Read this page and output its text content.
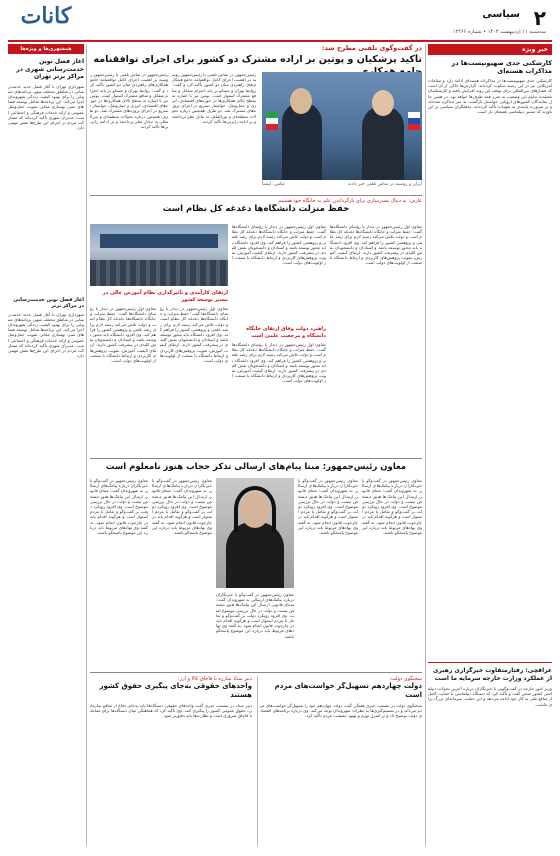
۲
سیاسی
سه‌شنبه ۱۱ اردیبهشت ۱۴۰۳ • شماره ۱۲۴۶۶
کانات
همشهری‌ها و ویژه‌‌ها
آغاز فصل نوین خدمت‌رسانی شهری در مراکز برتر تهران
شهرداری تهران با آغاز فصل جدید خدمت‌رسانی در مناطق مختلف شهر، برنامه‌های متنوعی را برای بهبود کیفیت زندگی شهروندان اجرا می‌کند. این برنامه‌ها شامل توسعه فضاهای سبز، بهسازی معابر، تقویت حمل‌ونقل عمومی و ارائه خدمات فرهنگی و اجتماعی است. مدیران شهری تأکید کرده‌اند که مشارکت مردم در اجرای این طرح‌ها نقش مهمی دارد.
آغاز فصل نوین خدمت‌رسانی در مراکز برتر
شهرداری تهران با آغاز فصل جدید خدمت‌رسانی در مناطق مختلف شهر، برنامه‌های متنوعی را برای بهبود کیفیت زندگی شهروندان اجرا می‌کند. این برنامه‌ها شامل توسعه فضاهای سبز، بهسازی معابر، تقویت حمل‌ونقل عمومی و ارائه خدمات فرهنگی و اجتماعی است. مدیران شهری تأکید کرده‌اند که مشارکت مردم در اجرای این طرح‌ها نقش مهمی دارد.
خبر ویژه
کارشکنی جدی صهیونیست‌ها در مذاکرات هسته‌ای
کارشکنی جدی صهیونیست‌ها در مذاکرات هسته‌ای ادامه دارد و مقامات آمریکایی نیز در این زمینه سکوت کرده‌اند. گزارش‌ها حاکی از آن است که فشارهای بین‌المللی برای توقف این روند افزایش یافته و کارشناسان معتقدند تداوم این وضعیت به ضرر همه طرف‌ها خواهد بود. در همین حال نمایندگان کشورهای اروپایی خواستار بازگشت به میز مذاکره شده‌اند و بر ضرورت پایبندی به تعهدات تأکید کرده‌اند. تحلیلگران سیاسی بر این باورند که مسیر دیپلماسی همچنان باز است.
عراقچی: رفتارمتفاوت خبرگزاری رهبری از عملکرد وزارت خارجه سرمایه ما است
وزیر امور خارجه در گفت‌وگویی با خبرنگاران درباره آخرین تحولات دیپلماسی کشور سخن گفت و تأکید کرد که دستگاه دیپلماسی با حمایت کامل از منافع ملی به کار خود ادامه می‌دهد و این حمایت سرمایه‌ای بزرگ برای ماست.
در گفت‌وگوی تلفنی مطرح شد:
تأکید پزشکیان و پوتین بر اراده مشترک دو کشور برای اجرای توافقنامه
ایران و روسیه در تماس تلفنی خبر دادند
عکس: ایسنا
رئیس‌جمهور در تماس تلفنی با رئیس‌جمهور روسیه بر اهمیت اجرای کامل توافقنامه جامع همکاری‌های راهبردی میان دو کشور تأکید کرد و گفت: روابط تهران و مسکو بر پایه احترام متقابل و منافع مشترک استوار است. پوتین نیز با اشاره به سطح بالای همکاری‌ها در حوزه‌های اقتصادی، انرژی و حمل‌ونقل، خواستار تسریع در اجرای پروژه‌های مشترک شد. دو طرف همچنین درباره تحولات منطقه‌ای و بین‌المللی به تبادل نظر پرداختند و بر ادامه رایزنی‌ها تأکید کردند.
رئیس‌جمهور در تماس تلفنی با رئیس‌جمهور روسیه بر اهمیت اجرای کامل توافقنامه جامع همکاری‌های راهبردی میان دو کشور تأکید کرد و گفت: روابط تهران و مسکو بر پایه احترام متقابل و منافع مشترک استوار است. پوتین نیز با اشاره به سطح بالای همکاری‌ها در حوزه‌های اقتصادی، انرژی و حمل‌ونقل، خواستار تسریع در اجرای پروژه‌های مشترک شد. دو طرف همچنین درباره تحولات منطقه‌ای و بین‌المللی به تبادل نظر پرداختند و بر ادامه رایزنی‌ها تأکید کردند.
عارف: به دنبال بسترسازی برای بازگرداندن علم به جایگاه خود هستیم
حفظ منزلت دانشگاه‌ها دغدغه کل نظام است
معاون اول رئیس‌جمهور در دیدار با رؤسای دانشگاه‌ها گفت: حفظ منزلت و جایگاه دانشگاه‌ها دغدغه کل نظام است و دولت تلاش می‌کند زمینه لازم برای رشد علمی و پژوهشی کشور را فراهم کند. وی افزود دانشگاه باید محور توسعه باشد و استادان و دانشجویان نقش کلیدی در پیشرفت کشور دارند. ارتقای کیفیت آموزش، تقویت پژوهش‌های کاربردی و ارتباط دانشگاه با صنعت از اولویت‌های دولت است.
معاون اول رئیس‌جمهور در دیدار با رؤسای دانشگاه‌ها گفت: حفظ منزلت و جایگاه دانشگاه‌ها دغدغه کل نظام است و دولت تلاش می‌کند زمینه لازم برای رشد علمی و پژوهشی کشور را فراهم کند. وی افزود دانشگاه باید محور توسعه باشد و استادان و دانشجویان نقش کلیدی در پیشرفت کشور دارند. ارتقای کیفیت آموزش، تقویت پژوهش‌های کاربردی و ارتباط دانشگاه با صنعت از اولویت‌های دولت است.
راهبرد دولت وفاق ارتقای جایگاه دانشگاه و مرجعیت علمی است
معاون اول رئیس‌جمهور در دیدار با رؤسای دانشگاه‌ها گفت: حفظ منزلت و جایگاه دانشگاه‌ها دغدغه کل نظام است و دولت تلاش می‌کند زمینه لازم برای رشد علمی و پژوهشی کشور را فراهم کند. وی افزود دانشگاه باید محور توسعه باشد و استادان و دانشجویان نقش کلیدی در پیشرفت کشور دارند. ارتقای کیفیت آموزش، تقویت پژوهش‌های کاربردی و ارتباط دانشگاه با صنعت از اولویت‌های دولت است.
ارتقای کارآمدی و تأثیرگذاری نظام آموزش عالی در مسیر توسعه کشور
معاون اول رئیس‌جمهور در دیدار با رؤسای دانشگاه‌ها گفت: حفظ منزلت و جایگاه دانشگاه‌ها دغدغه کل نظام است و دولت تلاش می‌کند زمینه لازم برای رشد علمی و پژوهشی کشور را فراهم کند. وی افزود دانشگاه باید محور توسعه باشد و استادان و دانشجویان نقش کلیدی در پیشرفت کشور دارند. ارتقای کیفیت آموزش، تقویت پژوهش‌های کاربردی و ارتباط دانشگاه با صنعت از اولویت‌های دولت است.
معاون اول رئیس‌جمهور در دیدار با رؤسای دانشگاه‌ها گفت: حفظ منزلت و جایگاه دانشگاه‌ها دغدغه کل نظام است و دولت تلاش می‌کند زمینه لازم برای رشد علمی و پژوهشی کشور را فراهم کند. وی افزود دانشگاه باید محور توسعه باشد و استادان و دانشجویان نقش کلیدی در پیشرفت کشور دارند. ارتقای کیفیت آموزش، تقویت پژوهش‌های کاربردی و ارتباط دانشگاه با صنعت از اولویت‌های دولت است.
معاون رئیس‌جمهور: مبنا پیام‌های ارسالی تذکر حجاب هنوز نامعلوم است
معاون رئیس‌جمهور در گفت‌وگو با خبرنگاران درباره پیامک‌های ارسالی به شهروندان گفت: مبنای قانونی ارسال این پیامک‌ها هنوز مشخص نیست و دولت در حال بررسی موضوع است. وی افزود رویکرد دولت بر گفت‌وگو و تعامل با مردم استوار است و هرگونه اقدام باید در چارچوب قانون انجام شود. به گفته وی نهادهای مربوط باید درباره این موضوع پاسخگو باشند.
معاون رئیس‌جمهور در گفت‌وگو با خبرنگاران درباره پیامک‌های ارسالی به شهروندان گفت: مبنای قانونی ارسال این پیامک‌ها هنوز مشخص نیست و دولت در حال بررسی موضوع است. وی افزود رویکرد دولت بر گفت‌وگو و تعامل با مردم استوار است و هرگونه اقدام باید در چارچوب قانون انجام شود. به گفته وی نهادهای مربوط باید درباره این موضوع پاسخگو باشند.
معاون رئیس‌جمهور در گفت‌وگو با خبرنگاران درباره پیامک‌های ارسالی به شهروندان گفت: مبنای قانونی ارسال این پیامک‌ها هنوز مشخص نیست و دولت در حال بررسی موضوع است. وی افزود رویکرد دولت بر گفت‌وگو و تعامل با مردم استوار است و هرگونه اقدام باید در چارچوب قانون انجام شود. به گفته وی نهادهای مربوط باید درباره این موضوع پاسخگو باشند.
معاون رئیس‌جمهور در گفت‌وگو با خبرنگاران درباره پیامک‌های ارسالی به شهروندان گفت: مبنای قانونی ارسال این پیامک‌ها هنوز مشخص نیست و دولت در حال بررسی موضوع است. وی افزود رویکرد دولت بر گفت‌وگو و تعامل با مردم استوار است و هرگونه اقدام باید در چارچوب قانون انجام شود. به گفته وی نهادهای مربوط باید درباره این موضوع پاسخگو باشند.
معاون رئیس‌جمهور در گفت‌وگو با خبرنگاران درباره پیامک‌های ارسالی به شهروندان گفت: مبنای قانونی ارسال این پیامک‌ها هنوز مشخص نیست و دولت در حال بررسی موضوع است. وی افزود رویکرد دولت بر گفت‌وگو و تعامل با مردم استوار است و هرگونه اقدام باید در چارچوب قانون انجام شود. به گفته وی نهادهای مربوط باید درباره این موضوع پاسخگو باشند.
سخنگوی دولت:
دولت چهاردهم تسهیل‌گر خواست‌های مردم است
سخنگوی دولت در نشست خبری هفتگی گفت دولت چهاردهم خود را تسهیل‌گر خواست‌های مردم می‌داند و در تصمیم‌گیری‌ها به نظرات شهروندان توجه می‌کند. وی درباره برنامه‌های اقتصادی دولت توضیح داد و بر کنترل تورم و بهبود معیشت مردم تأکید کرد.
دبیر ستاد مبارزه با قاچاق کالا و ارز:
واحدهای حقوقی به‌جای پیگیری حقوق کشور هستند
دبیر ستاد در نشست خبری گفت واحدهای حقوقی دستگاه‌ها باید به‌جای دفاع از منافع سازمانی، حقوق عمومی کشور را پیگیری کنند. وی تأکید کرد که هماهنگی میان دستگاه‌ها برای مقابله با قاچاق ضروری است و نظارت‌ها باید دقیق‌تر شود.
